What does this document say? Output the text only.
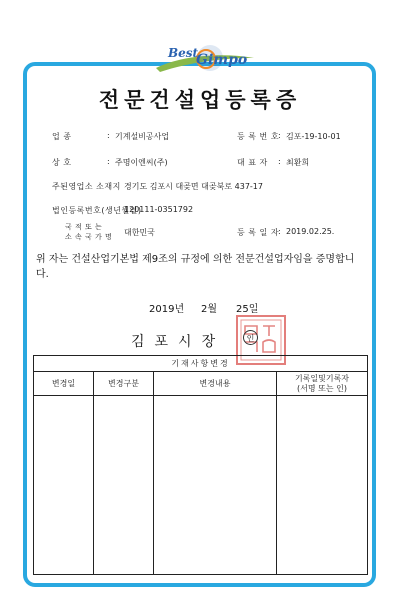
Best
Gimpo
전문건설업등록증
업 종	: 기계설비공사업
상 호	: 주명이엔씨(주)
주된영업소 소재지 경기도 김포시 대곶면 대곶북로 437-17
법인등록번호(생년월일)
120111-0351792
국 적 또 는
소 속 국 가 명 대한민국
등 록 번 호
: 김포-19-10-01
대 표 자 : 최환희
등 록 일 자
: 2019.02.25.
위 자는 건설산업기본법 제9조의 규정에 의한 전문건설업자임을 증명합니다.
2019년 2월 25일
김포시장	인
기재사항변경			
변경일	변경구분	변경내용	기록일및기록자
(서명 또는 인)
